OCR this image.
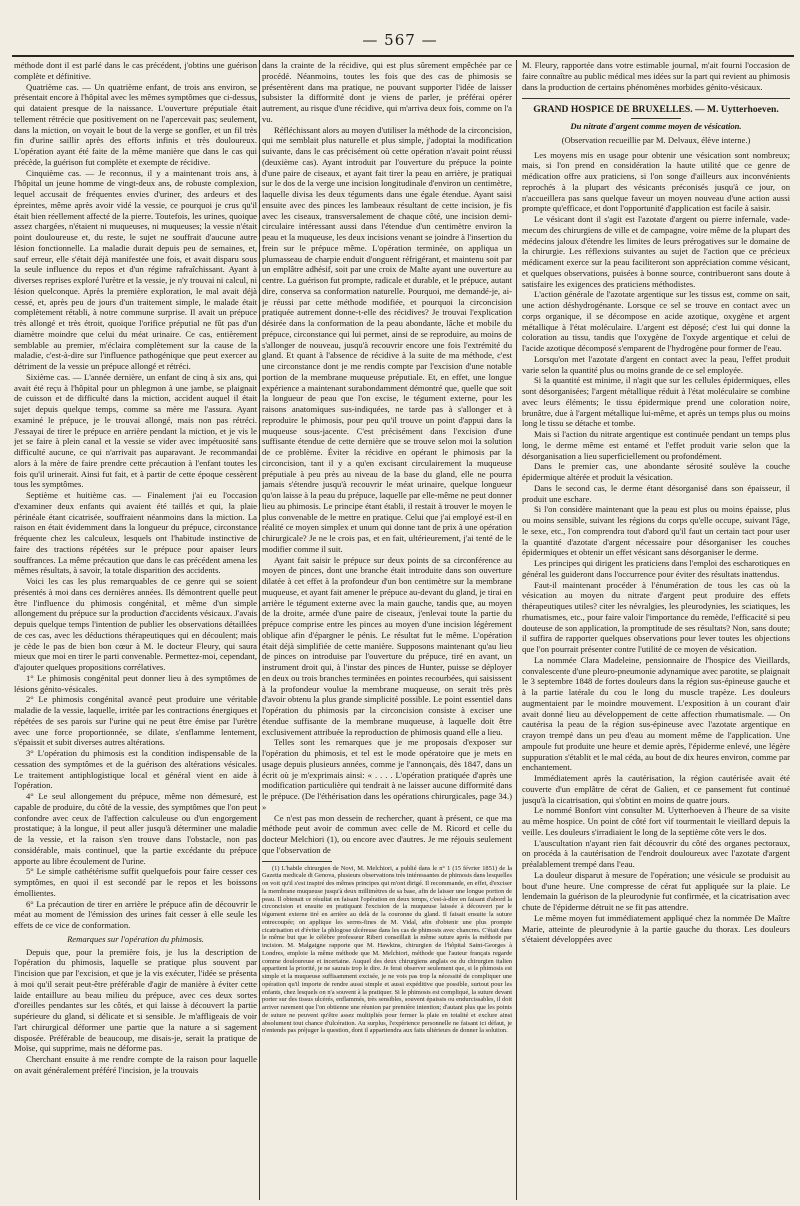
— 567 —

méthode dont il est parlé dans le cas précédent, j'obtins une guérison complète et définitive.

Quatrième cas. — Un quatrième enfant, de trois ans environ, se présentait encore à l'hôpital avec les mêmes symptômes que ci-dessus, qui dataient presque de la naissance. L'ouverture préputiale était tellement rétrécie que positivement on ne l'apercevait pas; seulement, dans la miction, on voyait le bout de la verge se gonfler, et un fil très fin d'urine saillir après des efforts infinis et très douloureux. L'opération ayant été faite de la même manière que dans le cas qui précède, la guérison fut complète et exempte de récidive.

Cinquième cas. — Je reconnus, il y a maintenant trois ans, à l'hôpital un jeune homme de vingt-deux ans, de robuste complexion, lequel accusait de fréquentes envies d'uriner, des ardeurs et des épreintes, même après avoir vidé la vessie, ce pourquoi je crus qu'il était bien réellement affecté de la pierre. Toutefois, les urines, quoique assez chargées, n'étaient ni muqueuses, ni muqueuses; la vessie n'était point douloureuse et, du reste, le sujet ne souffrait d'aucune autre lésion fonctionnelle. La maladie durait depuis peu de semaines, et, sauf erreur, elle s'était déjà manifestée une fois, et avait disparu sous la seule influence du repos et d'un régime rafraîchissant. Ayant à diverses reprises exploré l'urètre et la vessie, je n'y trouvai ni calcul, ni lésion quelconque. Après la première exploration, le mal avait déjà cessé, et, après peu de jours d'un traitement simple, le malade était complètement rétabli, à notre commune surprise. Il avait un prépuce très allongé et très étroit, quoique l'orifice préputial ne fût pas d'un diamètre moindre que celui du méat urinaire. Ce cas, entièrement semblable au premier, m'éclaira complètement sur la cause de la maladie, c'est-à-dire sur l'influence pathogénique que peut exercer au détriment de la vessie un prépuce allongé et rétréci.

Sixième cas. — L'année dernière, un enfant de cinq à six ans, qui avait été reçu à l'hôpital pour un phlegmon à une jambe, se plaignait de cuisson et de difficulté dans la miction, accident auquel il était sujet depuis quelque temps, comme sa mère me l'assura. Ayant examiné le prépuce, je le trouvai allongé, mais non pas rétréci. J'essayai de tirer le prépuce en arrière pendant la miction, et je vis le jet se faire à plein canal et la vessie se vider avec impétuosité sans difficulté aucune, ce qui n'arrivait pas auparavant. Je recommandai alors à la mère de faire prendre cette précaution à l'enfant toutes les fois qu'il urinerait. Ainsi fut fait, et à partir de cette époque cessèrent tous les symptômes.

Septième et huitième cas. — Finalement j'ai eu l'occasion d'examiner deux enfants qui avaient été taillés et qui, la plaie périnéale étant cicatrisée, souffraient néanmoins dans la miction. La raison en était évidemment dans la longueur du prépuce, circonstance fréquente chez les calculeux, lesquels ont l'habitude instinctive de faire des tractions répétées sur le prépuce pour apaiser leurs souffrances. La même précaution que dans le cas précédent amena les mêmes résultats, à savoir, la totale disparition des accidents.

Voici les cas les plus remarquables de ce genre qui se soient présentés à moi dans ces dernières années. Ils démontrent quelle peut être l'influence du phimosis congénital, et même d'un simple allongement du prépuce sur la production d'accidents vésicaux. J'avais depuis quelque temps l'intention de publier les observations détaillées de ces cas, avec les déductions thérapeutiques qui en découlent; mais je cède le pas de bien bon cœur à M. le docteur Fleury, qui saura mieux que moi en tirer le parti convenable. Permettez-moi, cependant, d'ajouter quelques propositions corrélatives.

1° Le phimosis congénital peut donner lieu à des symptômes de lésions génito-vésicales.

2° Le phimosis congénital avancé peut produire une véritable maladie de la vessie, laquelle, irritée par les contractions énergiques et répétées de ses parois sur l'urine qui ne peut être émise par l'urètre avec une force proportionnée, se dilate, s'enflamme lentement, s'épaissit et subit diverses autres altérations.

3° L'opération du phimosis est la condition indispensable de la cessation des symptômes et de la guérison des altérations vésicales. Le traitement antiphlogistique local et général vient en aide à l'opération.

4° Le seul allongement du prépuce, même non démesuré, est capable de produire, du côté de la vessie, des symptômes que l'on peut confondre avec ceux de l'affection calculeuse ou d'un engorgement prostatique; à la longue, il peut aller jusqu'à déterminer une maladie de la vessie, et la raison s'en trouve dans l'obstacle, non pas considérable, mais continuel, que la partie excédante du prépuce apporte au libre écoulement de l'urine.

5° Le simple cathétérisme suffit quelquefois pour faire cesser ces symptômes, en quoi il est secondé par le repos et les boissons émollientes.

6° La précaution de tirer en arrière le prépuce afin de découvrir le méat au moment de l'émission des urines fait cesser à elle seule les effets de ce vice de conformation.

Remarques sur l'opération du phimosis.

Depuis que, pour la première fois, je lus la description de l'opération du phimosis, laquelle se pratique plus souvent par l'incision que par l'excision, et que je la vis exécuter, l'idée se présenta à moi qu'il serait peut-être préférable d'agir de manière à éviter cette laide entaillure au beau milieu du prépuce, avec ces deux sortes d'oreilles pendantes sur les côtés, et qui laisse à découvert la partie supérieure du gland, si délicate et si sensible. Je m'affligeais de voir l'art chirurgical déformer une partie que la nature a si sagement disposée. Préférable de beaucoup, me disais-je, serait la pratique de Moïse, qui supprime, mais ne déforme pas.

Cherchant ensuite à me rendre compte de la raison pour laquelle on avait généralement préféré l'incision, je la trouvais

dans la crainte de la récidive, qui est plus sûrement empêchée par ce procédé. Néanmoins, toutes les fois que des cas de phimosis se présentèrent dans ma pratique, ne pouvant supporter l'idée de laisser subsister la difformité dont je viens de parler, je préférai opérer autrement, au risque d'une récidive, qui m'arriva deux fois, comme on l'a vu.

Réfléchissant alors au moyen d'utiliser la méthode de la circoncision, qui me semblait plus naturelle et plus simple, j'adoptai la modification suivante, dans le cas précisément où cette opération n'avait point réussi (deuxième cas). Ayant introduit par l'ouverture du prépuce la pointe d'une paire de ciseaux, et ayant fait tirer la peau en arrière, je pratiquai sur le dos de la verge une incision longitudinale d'environ un centimètre, laquelle divisa les deux téguments dans une égale étendue. Ayant saisi ensuite avec des pinces les lambeaux résultant de cette incision, je fis avec les ciseaux, transversalement de chaque côté, une incision demi-circulaire intéressant aussi dans l'étendue d'un centimètre environ la peau et la muqueuse, les deux incisions venant se joindre à l'insertion du frein sur le prépuce même. L'opération terminée, on appliqua un plumasseau de charpie enduit d'onguent réfrigérant, et maintenu soit par un emplâtre adhésif, soit par une croix de Malte ayant une ouverture au centre. La guérison fut prompte, radicale et durable, et le prépuce, autant dire, conserva sa conformation naturelle. Pourquoi, me demandé-je, ai-je réussi par cette méthode modifiée, et pourquoi la circoncision pratiquée autrement donne-t-elle des récidives? Je trouvai l'explication désirée dans la conformation de la peau abondante, lâche et mobile du prépuce, circonstance qui lui permet, ainsi de se reproduire, au moins de s'allonger de nouveau, jusqu'à recouvrir encore une fois l'extrémité du gland. Et quant à l'absence de récidive à la suite de ma méthode, c'est une circonstance dont je me rendis compte par l'excision d'une notable portion de la membrane muqueuse préputiale. Et, en effet, une longue expérience a maintenant surabondamment démontré que, quelle que soit la longueur de peau que l'on excise, le tégument externe, pour les raisons anatomiques sus-indiquées, ne tarde pas à s'allonger et à reproduire le phimosis, pour peu qu'il trouve un point d'appui dans la muqueuse sous-jacente. C'est précisément dans l'excision d'une suffisante étendue de cette dernière que se trouve selon moi la solution de ce problème. Éviter la récidive en opérant le phimosis par la circoncision, tant il y a qu'en excisant circulairement la muqueuse préputiale à peu près au niveau de la base du gland, elle ne pourra jamais s'étendre jusqu'à recouvrir le méat urinaire, quelque longueur qu'on laisse à la peau du prépuce, laquelle par elle-même ne peut donner lieu au phimosis. Le principe étant établi, il restait à trouver le moyen le plus convenable de le mettre en pratique. Celui que j'ai employé est-il en réalité ce moyen simplex et unum qui donne tant de prix à une opération chirurgicale? Je ne le crois pas, et en fait, ultérieurement, j'ai tenté de le modifier comme il suit.

Ayant fait saisir le prépuce sur deux points de sa circonférence au moyen de pinces, dont une branche était introduite dans son ouverture dilatée à cet effet à la profondeur d'un bon centimètre sur la membrane muqueuse, et ayant fait amener le prépuce au-devant du gland, je tirai en arrière le tégument externe avec la main gauche, tandis que, au moyen de la droite, armée d'une paire de ciseaux, j'enlevai toute la partie du prépuce comprise entre les pinces au moyen d'une incision légèrement oblique afin d'épargner le pénis. Le résultat fut le même. L'opération était déjà simplifiée de cette manière. Supposons maintenant qu'au lieu de pinces on introduise par l'ouverture du prépuce, tiré en avant, un instrument droit qui, à l'instar des pinces de Hunter, puisse se déployer en deux ou trois branches terminées en pointes recourbées, qui saisissent à la profondeur voulue la membrane muqueuse, on serait très près d'avoir obtenu la plus grande simplicité possible. Le point essentiel dans l'opération du phimosis par la circoncision consiste à exciser une étendue suffisante de la membrane muqueuse, à laquelle doit être exclusivement attribuée la reproduction de phimosis quand elle a lieu.

Telles sont les remarques que je me proposais d'exposer sur l'opération du phimosis, et tel est le mode opératoire que je mets en usage depuis plusieurs années, comme je l'annonçais, dès 1847, dans un écrit où je m'exprimais ainsi: « . . . . L'opération pratiquée d'après une modification particulière qui tendrait à ne laisser aucune difformité dans le prépuce. (De l'éthérisation dans les opérations chirurgicales, page 34.) »

Ce n'est pas mon dessein de rechercher, quant à présent, ce que ma méthode peut avoir de commun avec celle de M. Ricord et celle du docteur Melchiori (1), ou encore avec d'autres. Je me réjouis seulement que l'observation de

(1) L'habile chirurgien de Novi, M. Melchiori, a publié dans le n° 1 (15 février 1851) de la Gazetta medicale di Genova, plusieurs observations très intéressantes de phimosis dans lesquelles on voit qu'il s'est inspiré des mêmes principes qui m'ont dirigé. Il recommande, en effet, d'exciser la membrane muqueuse jusqu'à deux millimètres de sa base, afin de laisser une longue portion de peau. Il obtenait ce résultat en faisant l'opération en deux temps, c'est-à-dire en faisant d'abord la circoncision et ensuite en pratiquant l'excision de la muqueuse laissée à découvert par le tégument externe tiré en arrière au delà de la couronne du gland. Il faisait ensuite la suture entrecoupée; on applique les serres-fines de M. Vidal, afin d'obtenir une plus prompte cicatrisation et d'éviter la phlogose ulcéreuse dans les cas de phimosis avec chancres. C'était dans le même but que le célèbre professeur Riberi conseillait la même suture après la méthode par incision. M. Malgaigne rapporte que M. Hawkins, chirurgien de l'hôpital Saint-Georges à Londres, emploie la même méthode que M. Melchiori, méthode que l'auteur français regarde comme douloureuse et incertaine. Auquel des deux chirurgiens anglais ou du chirurgien italien appartient la priorité, je ne saurais trop le dire. Je ferai observer seulement que, si le phimosis est simple et la muqueuse suffisamment excisée, je ne vois pas trop la nécessité de compliquer une opération qu'il importe de rendre aussi simple et aussi expéditive que possible, surtout pour les enfants, chez lesquels on n'a souvent à la pratiquer. Si le phimosis est compliqué, la suture devant porter sur des tissus ulcérés, enflammés, très sensibles, souvent épaissis ou endurcissables, il doit arriver rarement que l'on obtienne une réunion par première intention; d'autant plus que les points de suture ne peuvent qu'être assez multipliés pour fermer la plaie en totalité et exclure ainsi absolument tout chance d'ulcération. Au surplus, l'expérience personnelle ne faisant ici défaut, je n'entends pas préjuger la question, dont il appartiendra aux faits ultérieurs de donner la solution.

M. Fleury, rapportée dans votre estimable journal, m'ait fourni l'occasion de faire connaître au public médical mes idées sur la part qui revient au phimosis dans la production de certains phénomènes morbides génito-vésicaux.

GRAND HOSPICE DE BRUXELLES. — M. Uytterhoeven.

Du nitrate d'argent comme moyen de vésication.

(Observation recueillie par M. Delvaux, élève interne.)

Les moyens mis en usage pour obtenir une vésication sont nombreux; mais, si l'on prend en considération la haute utilité que ce genre de médication offre aux praticiens, si l'on songe d'ailleurs aux inconvénients reprochés à la plupart des vésicants préconisés jusqu'à ce jour, on n'accueillera pas sans quelque faveur un moyen nouveau d'une action aussi prompte qu'efficace, et dont l'opportunité d'application est facile à saisir.

Le vésicant dont il s'agit est l'azotate d'argent ou pierre infernale, vade-mecum des chirurgiens de ville et de campagne, voire même de la plupart des médecins jaloux d'étendre les limites de leurs prérogatives sur le domaine de la chirurgie. Les réflexions suivantes au sujet de l'action que ce précieux médicament exerce sur la peau faciliteront son appréciation comme vésicant, et quelques observations, puisées à bonne source, contribueront sans doute à satisfaire les exigences des praticiens méthodistes.

L'action générale de l'azotate argentique sur les tissus est, comme on sait, une action déshydrogénante. Lorsque ce sel se trouve en contact avec un corps organique, il se décompose en acide azotique, oxygène et argent métallique à l'état moléculaire. L'argent est déposé; c'est lui qui donne la coloration au tissu, tandis que l'oxygène de l'oxyde argentique et celui de l'acide azotique décomposé s'emparent de l'hydrogène pour former de l'eau.

Lorsqu'on met l'azotate d'argent en contact avec la peau, l'effet produit varie selon la quantité plus ou moins grande de ce sel employée.

Si la quantité est minime, il n'agit que sur les cellules épidermiques, elles sont désorganisées; l'argent métallique réduit à l'état moléculaire se combine avec leurs éléments; le tissu épidermique prend une coloration noire, brunâtre, due à l'argent métallique lui-même, et après un temps plus ou moins long le tissu se détache et tombe.

Mais si l'action du nitrate argentique est continuée pendant un temps plus long, le derme même est entamé et l'effet produit varie selon que la désorganisation a lieu superficiellement ou profondément.

Dans le premier cas, une abondante sérosité soulève la couche épidermique altérée et produit la vésication.

Dans le second cas, le derme étant désorganisé dans son épaisseur, il produit une eschare.

Si l'on considère maintenant que la peau est plus ou moins épaisse, plus ou moins sensible, suivant les régions du corps qu'elle occupe, suivant l'âge, le sexe, etc., l'on comprendra tout d'abord qu'il faut un certain tact pour user la quantité d'azotate d'argent nécessaire pour désorganiser les couches épidermiques et obtenir un effet vésicant sans désorganiser le derme.

Les principes qui dirigent les praticiens dans l'emploi des escharotiques en général les guideront dans l'occurrence pour éviter des résultats inattendus.

Faut-il maintenant procéder à l'énumération de tous les cas où la vésication au moyen du nitrate d'argent peut produire des effets thérapeutiques utiles? citer les névralgies, les pleurodynies, les sciatiques, les rhumatismes, etc., pour faire valoir l'importance du remède, l'efficacité si peu douteuse de son application, la promptitude de ses résultats? Non, sans doute; il suffira de rapporter quelques observations pour lever toutes les objections que l'on pourrait présenter contre l'utilité de ce moyen de vésication.

La nommée Clara Madeleine, pensionnaire de l'hospice des Vieillards, convalescente d'une pleuro-pneumonie adynamique avec parotite, se plaignait le 3 septembre 1848 de fortes douleurs dans la région sus-épineuse gauche et à la partie latérale du cou le long du muscle trapèze. Les douleurs augmentaient par le moindre mouvement. L'exposition à un courant d'air avait donné lieu au développement de cette affection rhumatismale. — On cautérisa la peau de la région sus-épineuse avec l'azotate argentique en crayon trempé dans un peu d'eau au moment même de l'application. Une ampoule fut produite une heure et demie après, l'épiderme enlevé, une légère suppuration s'établit et le mal céda, au bout de dix heures environ, comme par enchantement.

Immédiatement après la cautérisation, la région cautérisée avait été couverte d'un emplâtre de cérat de Galien, et ce pansement fut continué jusqu'à la cicatrisation, qui s'obtint en moins de quatre jours.

Le nommé Bonfort vint consulter M. Uytterhoeven à l'heure de sa visite au même hospice. Un point de côté fort vif tourmentait le vieillard depuis la veille. Les douleurs s'irradiaient le long de la septième côte vers le dos.

L'auscultation n'ayant rien fait découvrir du côté des organes pectoraux, on procéda à la cautérisation de l'endroit douloureux avec l'azotate d'argent préalablement trempé dans l'eau.

La douleur disparut à mesure de l'opération; une vésicule se produisit au bout d'une heure. Une compresse de cérat fut appliquée sur la plaie. Le lendemain la guérison de la pleurodynie fut confirmée, et la cicatrisation avec chute de l'épiderme détruit ne se fit pas attendre.

Le même moyen fut immédiatement appliqué chez la nommée De Maître Marie, atteinte de pleurodynie à la partie gauche du thorax. Les douleurs s'étaient développées avec
